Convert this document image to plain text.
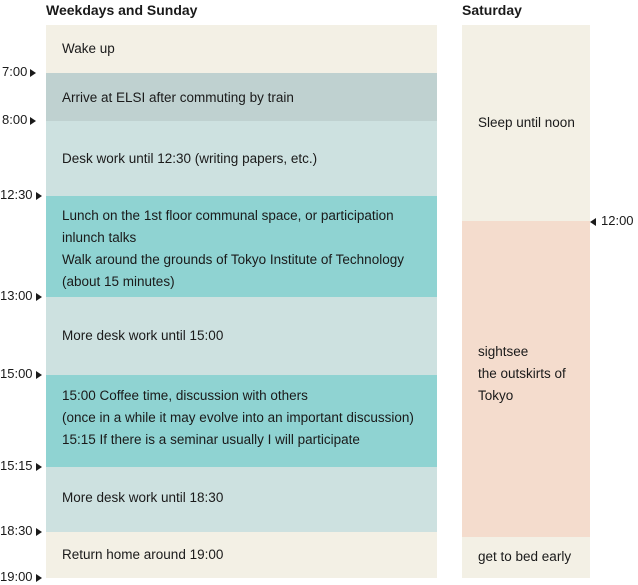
Weekdays and Sunday	Saturday
Wake up
Arrive at ELSI after commuting by train
Desk work until 12:30 (writing papers, etc.)
Lunch on the 1st floor communal space, or participation
inlunch talks
Walk around the grounds of Tokyo Institute of Technology
(about 15 minutes)
More desk work until 15:00
15:00 Coffee time, discussion with others
(once in a while it may evolve into an important discussion)
15:15 If there is a seminar usually I will participate
More desk work until 18:30
Return home around 19:00
7:00
8:00
12:30
13:00
15:00
15:15
18:30
19:00
Sleep until noon
sightsee
the outskirts of
Tokyo
get to bed early
12:00
